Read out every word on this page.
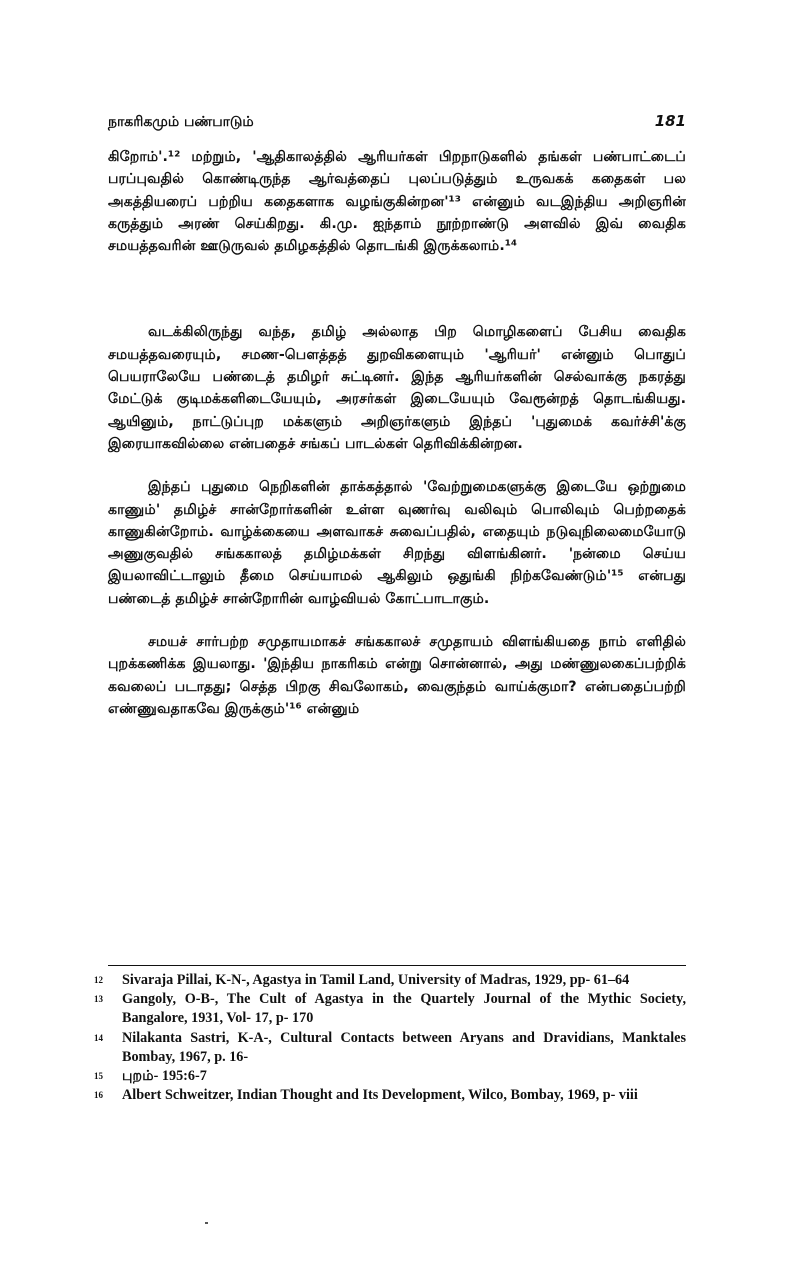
நாகரிகமும் பண்பாடும்	181

கிறோம்'.¹² மற்றும், 'ஆதிகாலத்தில் ஆரியர்கள் பிறநாடுகளில் தங்கள் பண்பாட்டைப் பரப்புவதில் கொண்டிருந்த ஆர்வத்தைப் புலப்படுத்தும் உருவகக் கதைகள் பல அகத்தியரைப் பற்றிய கதைகளாக வழங்குகின்றன'¹³ என்னும் வடஇந்திய அறிஞரின் கருத்தும் அரண் செய்கிறது. கி.மு. ஐந்தாம் நூற்றாண்டு அளவில் இவ் வைதிக சமயத்தவரின் ஊடுருவல் தமிழகத்தில் தொடங்கி இருக்கலாம்.¹⁴

வடக்கிலிருந்து வந்த, தமிழ் அல்லாத பிற மொழிகளைப் பேசிய வைதிக சமயத்தவரையும், சமண-பௌத்தத் துறவிகளையும் 'ஆரியர்' என்னும் பொதுப் பெயராலேயே பண்டைத் தமிழர் சுட்டினர். இந்த ஆரியர்களின் செல்வாக்கு நகரத்து மேட்டுக் குடிமக்களிடையேயும், அரசர்கள் இடையேயும் வேரூன்றத் தொடங்கியது. ஆயினும், நாட்டுப்புற மக்களும் அறிஞர்களும் இந்தப் 'புதுமைக் கவர்ச்சி'க்கு இரையாகவில்லை என்பதைச் சங்கப் பாடல்கள் தெரிவிக்கின்றன.

இந்தப் புதுமை நெறிகளின் தாக்கத்தால் 'வேற்றுமைகளுக்கு இடையே ஒற்றுமை காணும்' தமிழ்ச் சான்றோர்களின் உள்ள வுணர்வு வலிவும் பொலிவும் பெற்றதைக் காணுகின்றோம். வாழ்க்கையை அளவாகச் சுவைப்பதில், எதையும் நடுவுநிலைமையோடு அணுகுவதில் சங்ககாலத் தமிழ்மக்கள் சிறந்து விளங்கினர். 'நன்மை செய்ய இயலாவிட்டாலும் தீமை செய்யாமல் ஆகிலும் ஒதுங்கி நிற்கவேண்டும்'¹⁵ என்பது பண்டைத் தமிழ்ச் சான்றோரின் வாழ்வியல் கோட்பாடாகும்.

சமயச் சார்பற்ற சமுதாயமாகச் சங்ககாலச் சமுதாயம் விளங்கியதை நாம் எளிதில் புறக்கணிக்க இயலாது. 'இந்திய நாகரிகம் என்று சொன்னால், அது மண்ணுலகைப்பற்றிக் கவலைப் படாதது; செத்த பிறகு சிவலோகம், வைகுந்தம் வாய்க்குமா? என்பதைப்பற்றி எண்ணுவதாகவே இருக்கும்'¹⁶ என்னும்

12 Sivaraja Pillai, K-N-, Agastya in Tamil Land, University of Madras, 1929, pp- 61–64
13 Gangoly, O-B-, The Cult of Agastya in the Quartely Journal of the Mythic Society, Bangalore, 1931, Vol- 17, p- 170
14 Nilakanta Sastri, K-A-, Cultural Contacts between Aryans and Dravidians, Manktales Bombay, 1967, p. 16-
15 புறம்- 195:6-7
16 Albert Schweitzer, Indian Thought and Its Development, Wilco, Bombay, 1969, p- viii
